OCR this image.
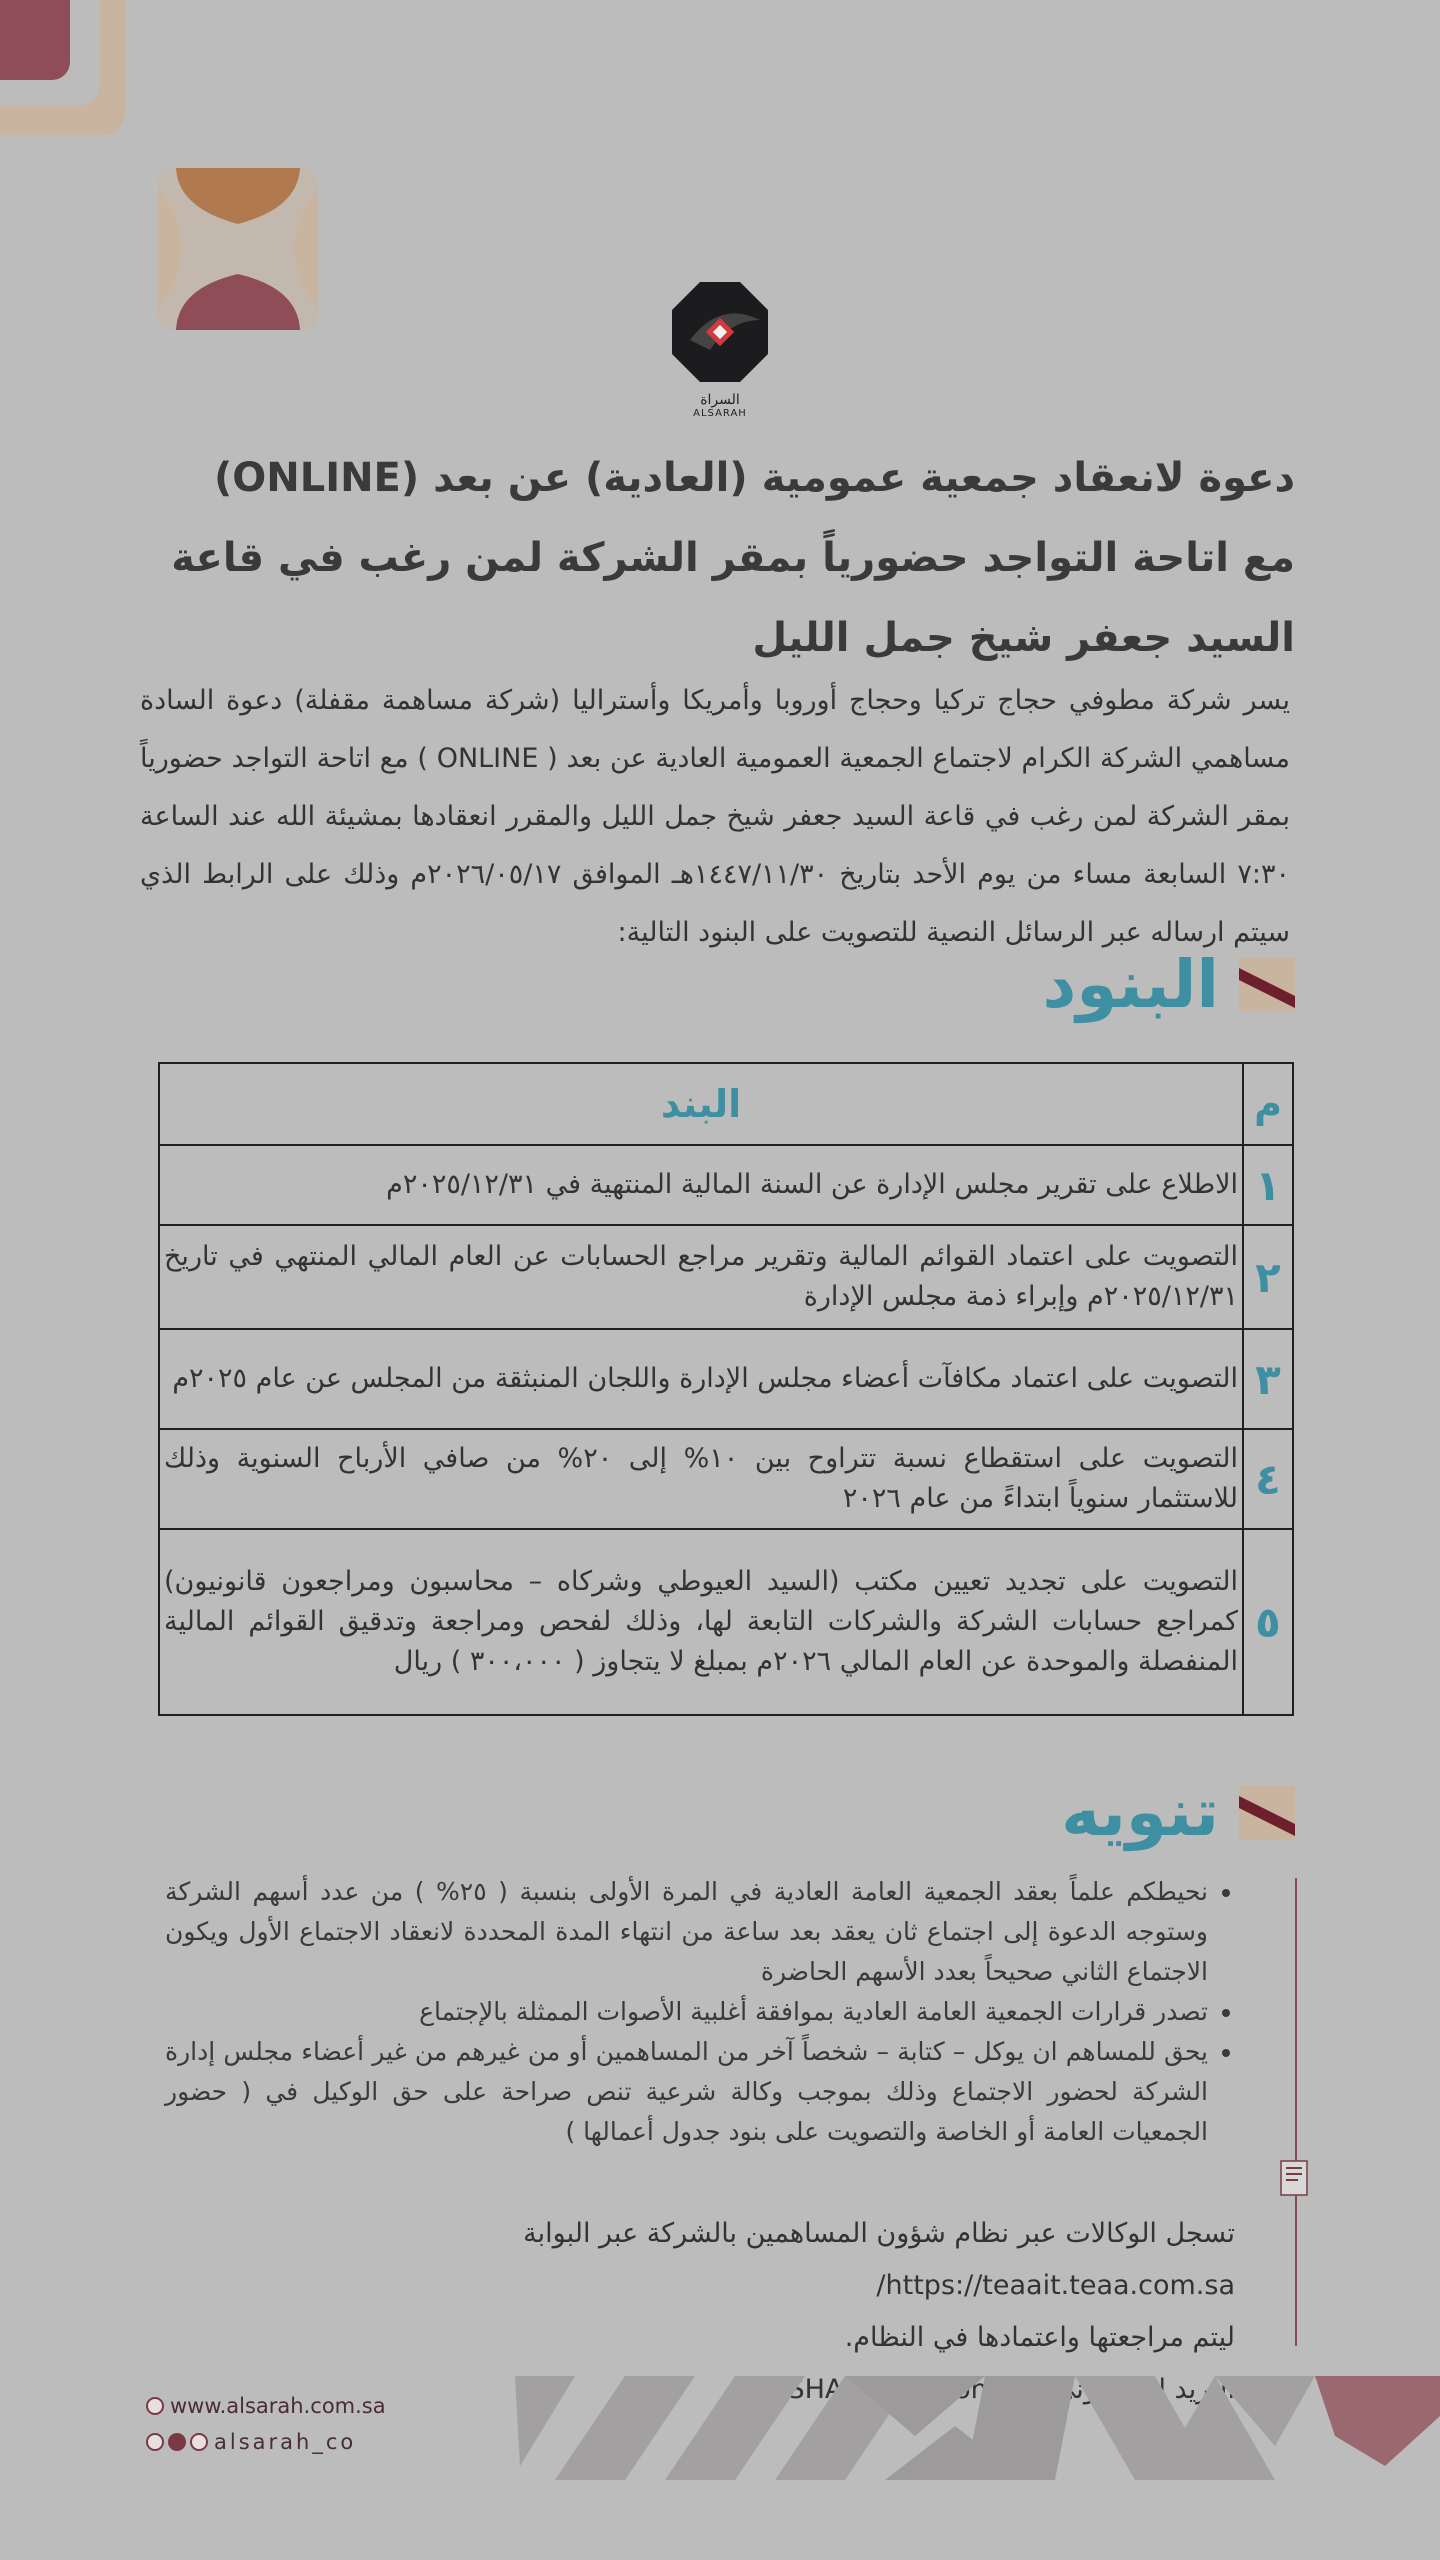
السراة
ALSARAH
دعوة لانعقاد جمعية عمومية (العادية) عن بعد (ONLINE)
مع اتاحة التواجد حضورياً بمقر الشركة لمن رغب في قاعة
السيد جعفر شيخ جمل الليل
يسر شركة مطوفي حجاج تركيا وحجاج أوروبا وأمريكا وأستراليا (شركة مساهمة مقفلة) دعوة السادة مساهمي الشركة الكرام لاجتماع الجمعية العمومية العادية عن بعد ( ONLINE ) مع اتاحة التواجد حضورياً بمقر الشركة لمن رغب في قاعة السيد جعفر شيخ جمل الليل والمقرر انعقادها بمشيئة الله عند الساعة ٧:٣٠ السابعة مساء من يوم الأحد بتاريخ ١٤٤٧/١١/٣٠هـ الموافق ٢٠٢٦/٠٥/١٧م وذلك على الرابط الذي سيتم ارساله عبر الرسائل النصية للتصويت على البنود التالية:
البنود
م	البند
١	الاطلاع على تقرير مجلس الإدارة عن السنة المالية المنتهية في ٢٠٢٥/١٢/٣١م
٢	التصويت على اعتماد القوائم المالية وتقرير مراجع الحسابات عن العام المالي المنتهي في تاريخ ٢٠٢٥/١٢/٣١م وإبراء ذمة مجلس الإدارة
٣	التصويت على اعتماد مكافآت أعضاء مجلس الإدارة واللجان المنبثقة من المجلس عن عام ٢٠٢٥م
٤	التصويت على استقطاع نسبة تتراوح بين ١٠% إلى ٢٠% من صافي الأرباح السنوية وذلك للاستثمار سنوياً ابتداءً من عام ٢٠٢٦
٥	التصويت على تجديد تعيين مكتب (السيد العيوطي وشركاه – محاسبون ومراجعون قانونيون) كمراجع حسابات الشركة والشركات التابعة لها، وذلك لفحص ومراجعة وتدقيق القوائم المالية المنفصلة والموحدة عن العام المالي ٢٠٢٦م بمبلغ لا يتجاوز ( ٣٠٠،٠٠٠ ) ريال
تنويه
• نحيطكم علماً بعقد الجمعية العامة العادية في المرة الأولى بنسبة ( ٢٥% ) من عدد أسهم الشركة وستوجه الدعوة إلى اجتماع ثان يعقد بعد ساعة من انتهاء المدة المحددة لانعقاد الاجتماع الأول ويكون الاجتماع الثاني صحيحاً بعدد الأسهم الحاضرة
• تصدر قرارات الجمعية العامة العادية بموافقة أغلبية الأصوات الممثلة بالإجتماع
• يحق للمساهم ان يوكل – كتابة – شخصاً آخر من المساهمين أو من غيرهم من غير أعضاء مجلس إدارة الشركة لحضور الاجتماع وذلك بموجب وكالة شرعية تنص صراحة على حق الوكيل في ( حضور الجمعيات العامة أو الخاصة والتصويت على بنود جدول أعمالها )
تسجل الوكالات عبر نظام شؤون المساهمين بالشركة عبر البوابة https://teaait.teaa.com.sa/
ليتم مراجعتها واعتمادها في النظام.
البريد
www.alsarah.com.sa
alsarah_co
